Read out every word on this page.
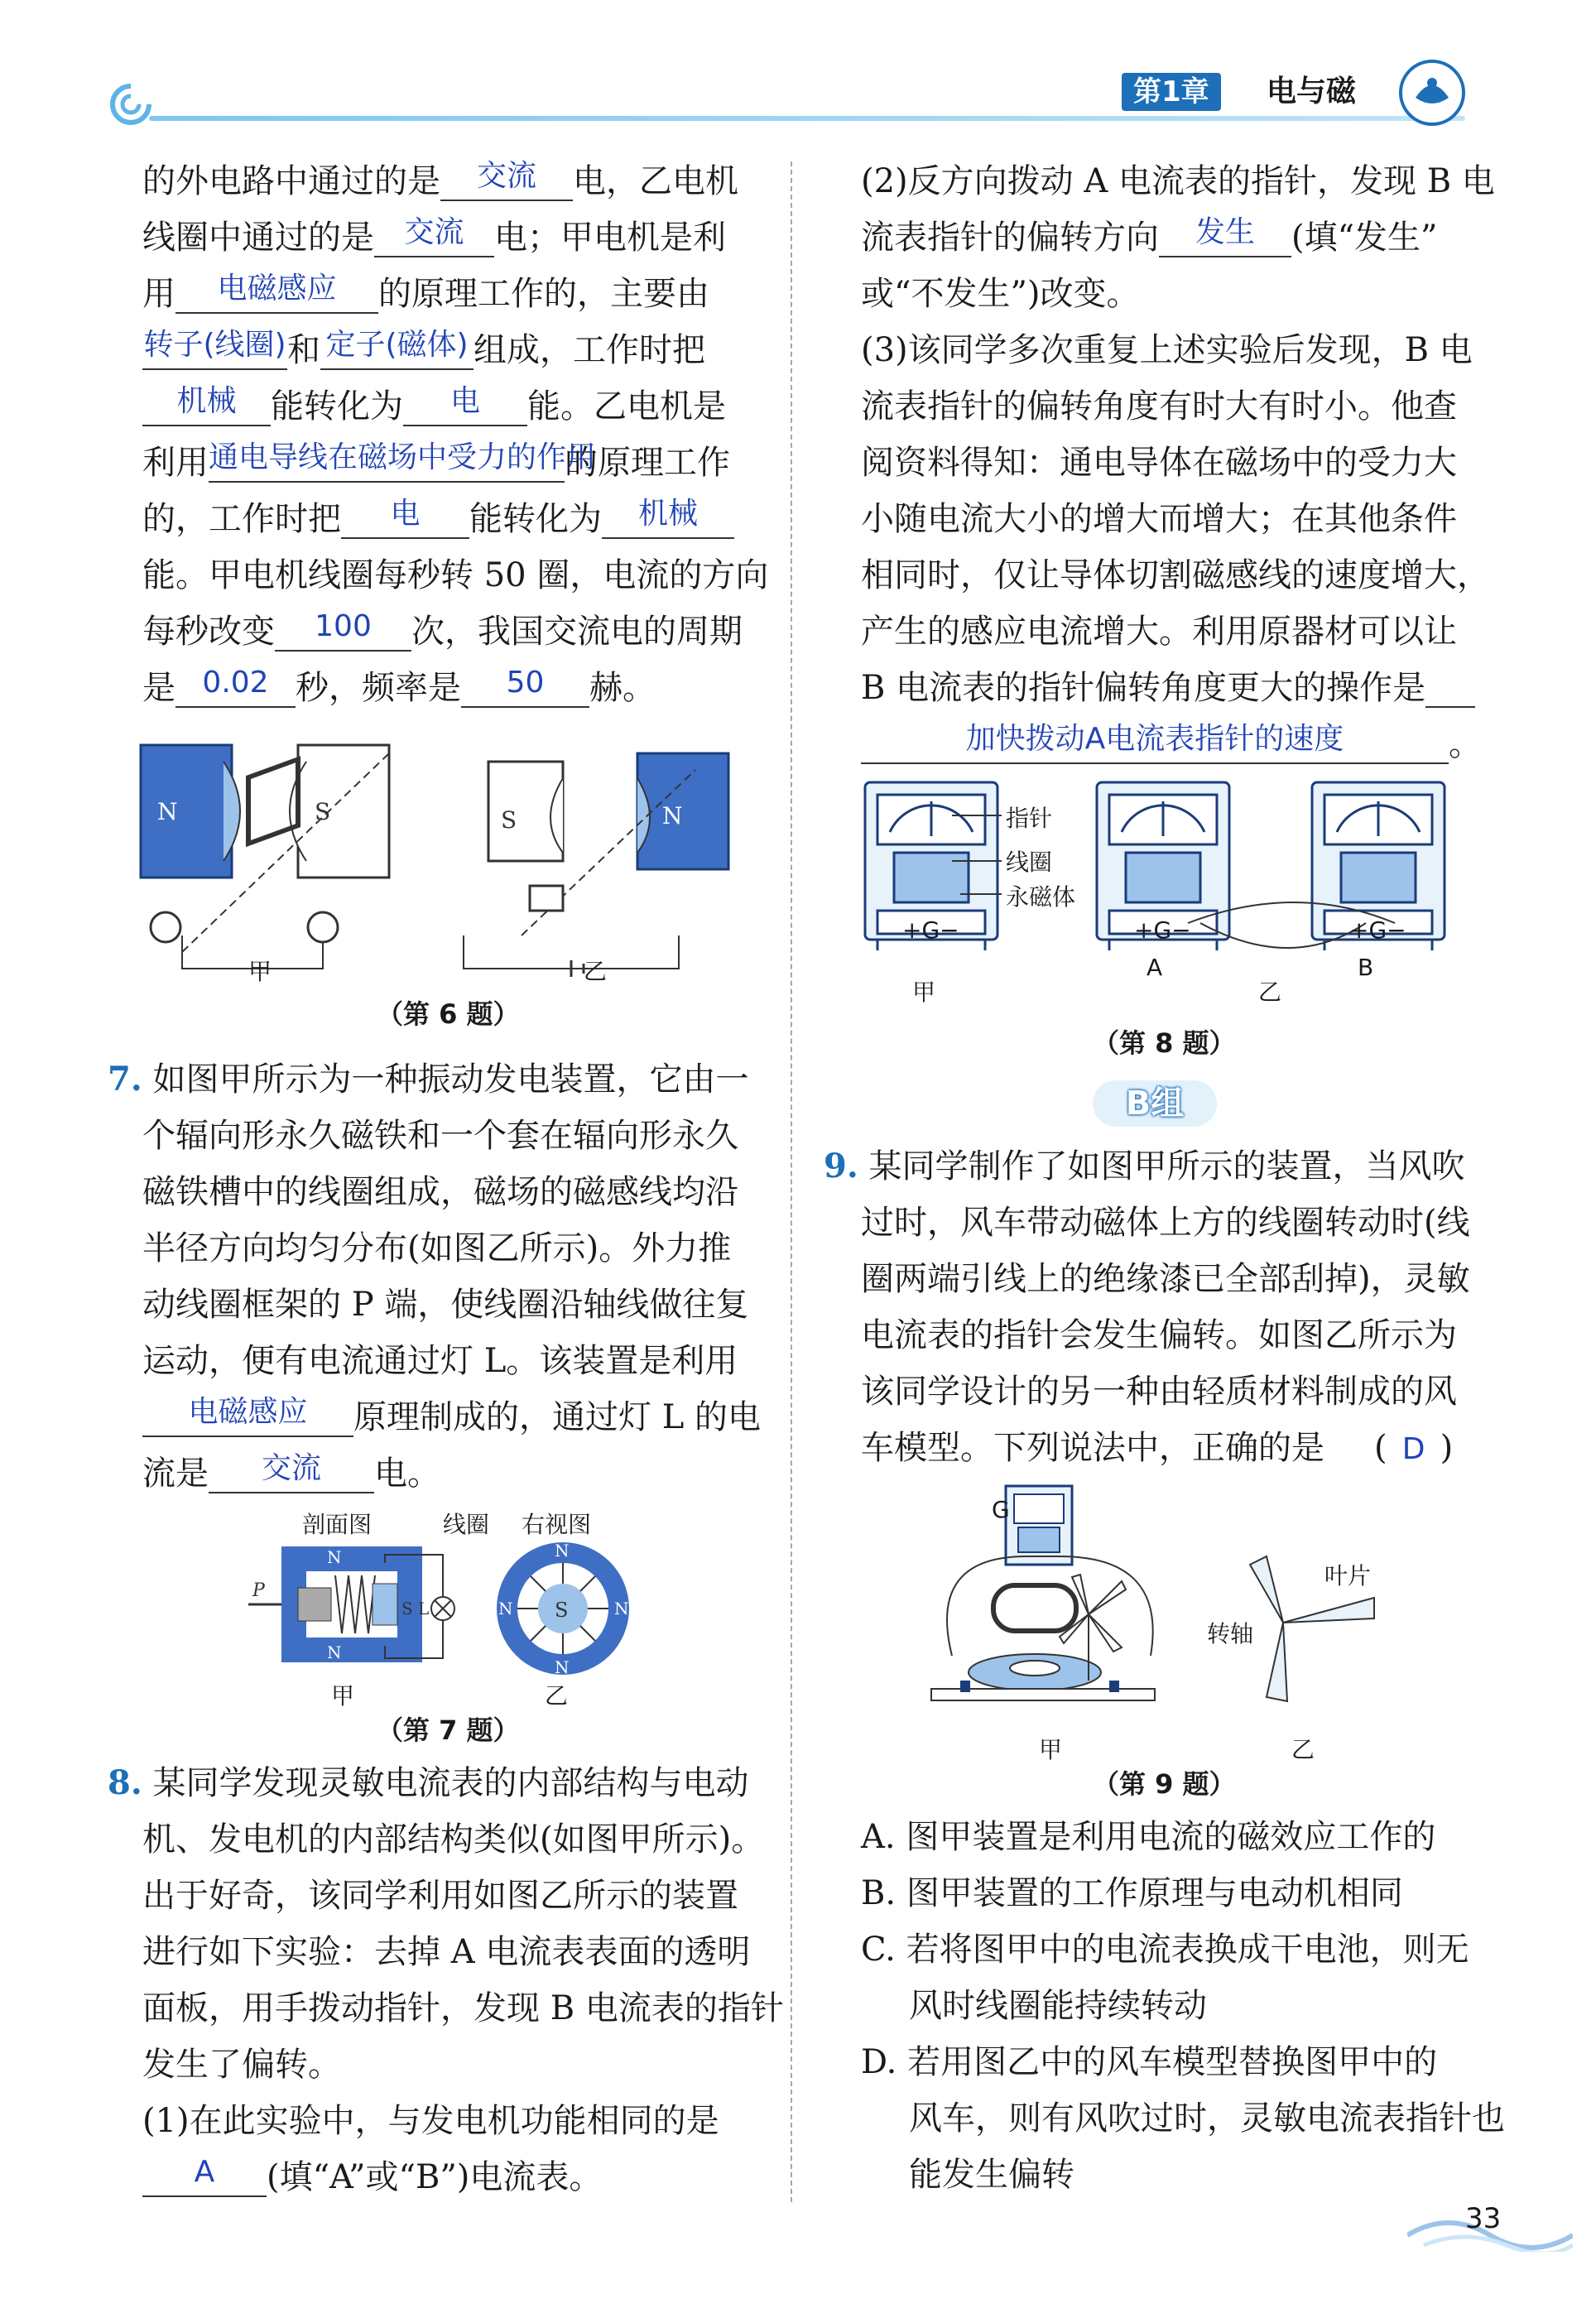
第1章	电与磁
的外电路中通过的是	交流	电，乙电机
线圈中通过的是	交流 电；甲电机是利
用	电磁感应	的原理工作的，主要由
转子(线圈) 和 定子(磁体) 组成，工作时把
机械	能转化为	电	能。乙电机是
利用 通电导线在磁场中受力的作用
的原理工作
的，工作时把	电	能转化为	机械
能。甲电机线圈每秒转 50 圈，电流的方向
每秒改变	100	次，我国交流电的周期
是 0.02 秒，频率是	50	赫。
N	S	S	N
甲	乙
（第 6 题）
7. 如图甲所示为一种振动发电装置，它由一
个辐向形永久磁铁和一个套在辐向形永久
磁铁槽中的线圈组成，磁场的磁感线均沿
半径方向均匀分布(如图乙所示)。外力推
动线圈框架的 P 端，使线圈沿轴线做往复
运动，便有电流通过灯 L。该装置是利用
电磁感应	原理制成的，通过灯 L 的电
流是	交流	电。
剖面图	线圈 右视图
S
N
N
N	N
N
N
S
P
L
甲	乙
（第 7 题）
8. 某同学发现灵敏电流表的内部结构与电动
机、发电机的内部结构类似(如图甲所示)。
出于好奇，该同学利用如图乙所示的装置
进行如下实验：去掉 A 电流表表面的透明
面板，用手拨动指针，发现 B 电流表的指针
发生了偏转。
(1)在此实验中，与发电机功能相同的是
A	(填“A”或“B”)电流表。
(2)反方向拨动 A 电流表的指针，发现 B 电
流表指针的偏转方向	发生	(填“发生”
或“不发生”)改变。
(3)该同学多次重复上述实验后发现，B 电
流表指针的偏转角度有时大有时小。他查
阅资料得知：通电导体在磁场中的受力大
小随电流大小的增大而增大；在其他条件
相同时，仅让导体切割磁感线的速度增大，
产生的感应电流增大。利用原器材可以让
B 电流表的指针偏转角度更大的操作是
加快拨动A电流表指针的速度	。
指针
线圈
永磁体
+G−	+G−	+G−
甲
A
乙
B
（第 8 题）
B组
9. 某同学制作了如图甲所示的装置，当风吹
过时，风车带动磁体上方的线圈转动时(线
圈两端引线上的绝缘漆已全部刮掉)，灵敏
电流表的指针会发生偏转。如图乙所示为
该同学设计的另一种由轻质材料制成的风
车模型。下列说法中，正确的是 ( D )
G
叶片
转轴
甲	乙
（第 9 题）
A. 图甲装置是利用电流的磁效应工作的
B. 图甲装置的工作原理与电动机相同
C. 若将图甲中的电流表换成干电池，则无
风时线圈能持续转动
D. 若用图乙中的风车模型替换图甲中的
风车，则有风吹过时，灵敏电流表指针也
能发生偏转
33
